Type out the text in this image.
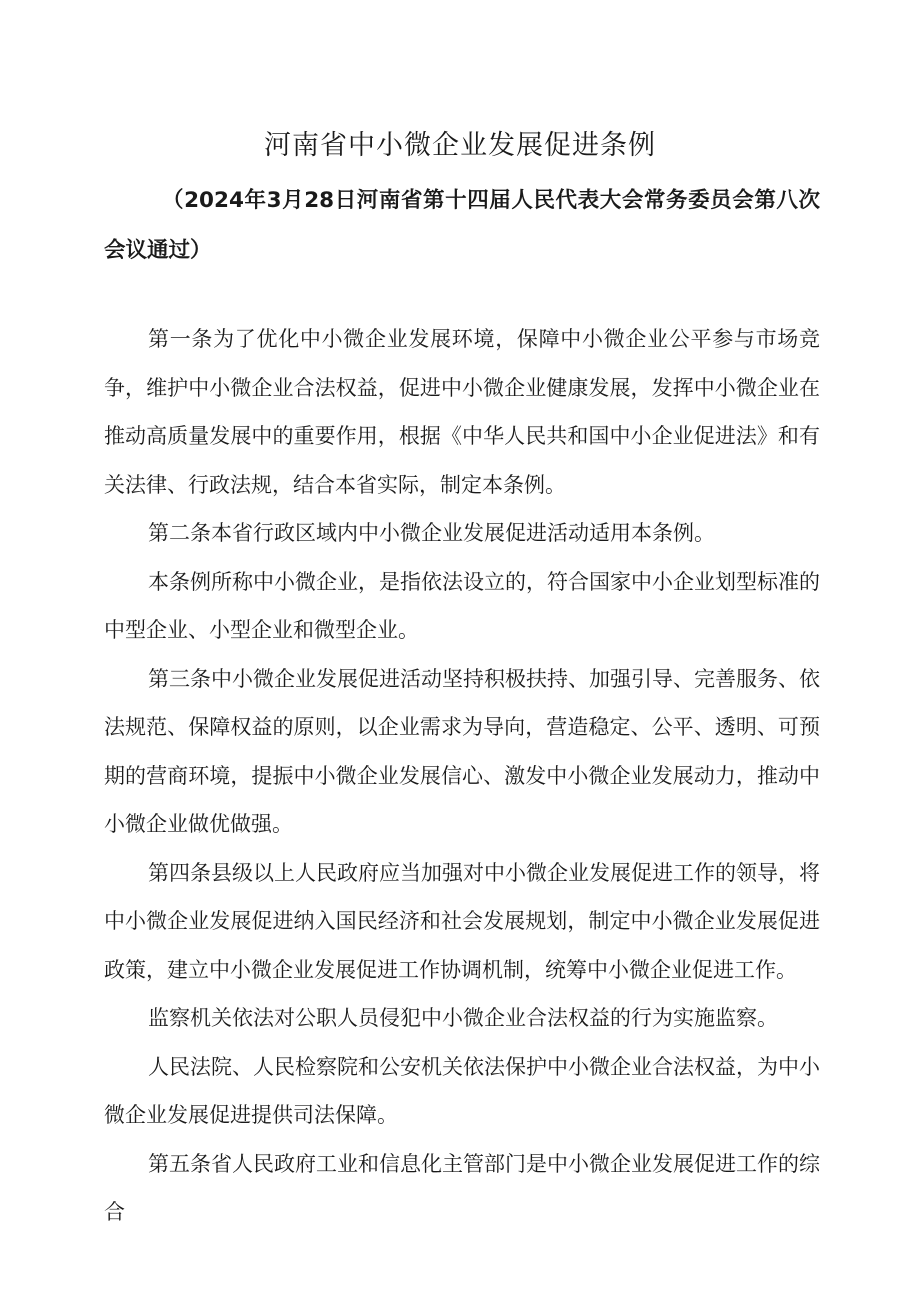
河南省中小微企业发展促进条例

（2024年3月28日河南省第十四届人民代表大会常务委员会第八次会议通过）

第一条为了优化中小微企业发展环境，保障中小微企业公平参与市场竞争，维护中小微企业合法权益，促进中小微企业健康发展，发挥中小微企业在推动高质量发展中的重要作用，根据《中华人民共和国中小企业促进法》和有关法律、行政法规，结合本省实际，制定本条例。

第二条本省行政区域内中小微企业发展促进活动适用本条例。

本条例所称中小微企业，是指依法设立的，符合国家中小企业划型标准的中型企业、小型企业和微型企业。

第三条中小微企业发展促进活动坚持积极扶持、加强引导、完善服务、依法规范、保障权益的原则，以企业需求为导向，营造稳定、公平、透明、可预期的营商环境，提振中小微企业发展信心、激发中小微企业发展动力，推动中小微企业做优做强。

第四条县级以上人民政府应当加强对中小微企业发展促进工作的领导，将中小微企业发展促进纳入国民经济和社会发展规划，制定中小微企业发展促进政策，建立中小微企业发展促进工作协调机制，统筹中小微企业促进工作。

监察机关依法对公职人员侵犯中小微企业合法权益的行为实施监察。

人民法院、人民检察院和公安机关依法保护中小微企业合法权益，为中小微企业发展促进提供司法保障。

第五条省人民政府工业和信息化主管部门是中小微企业发展促进工作的综合
